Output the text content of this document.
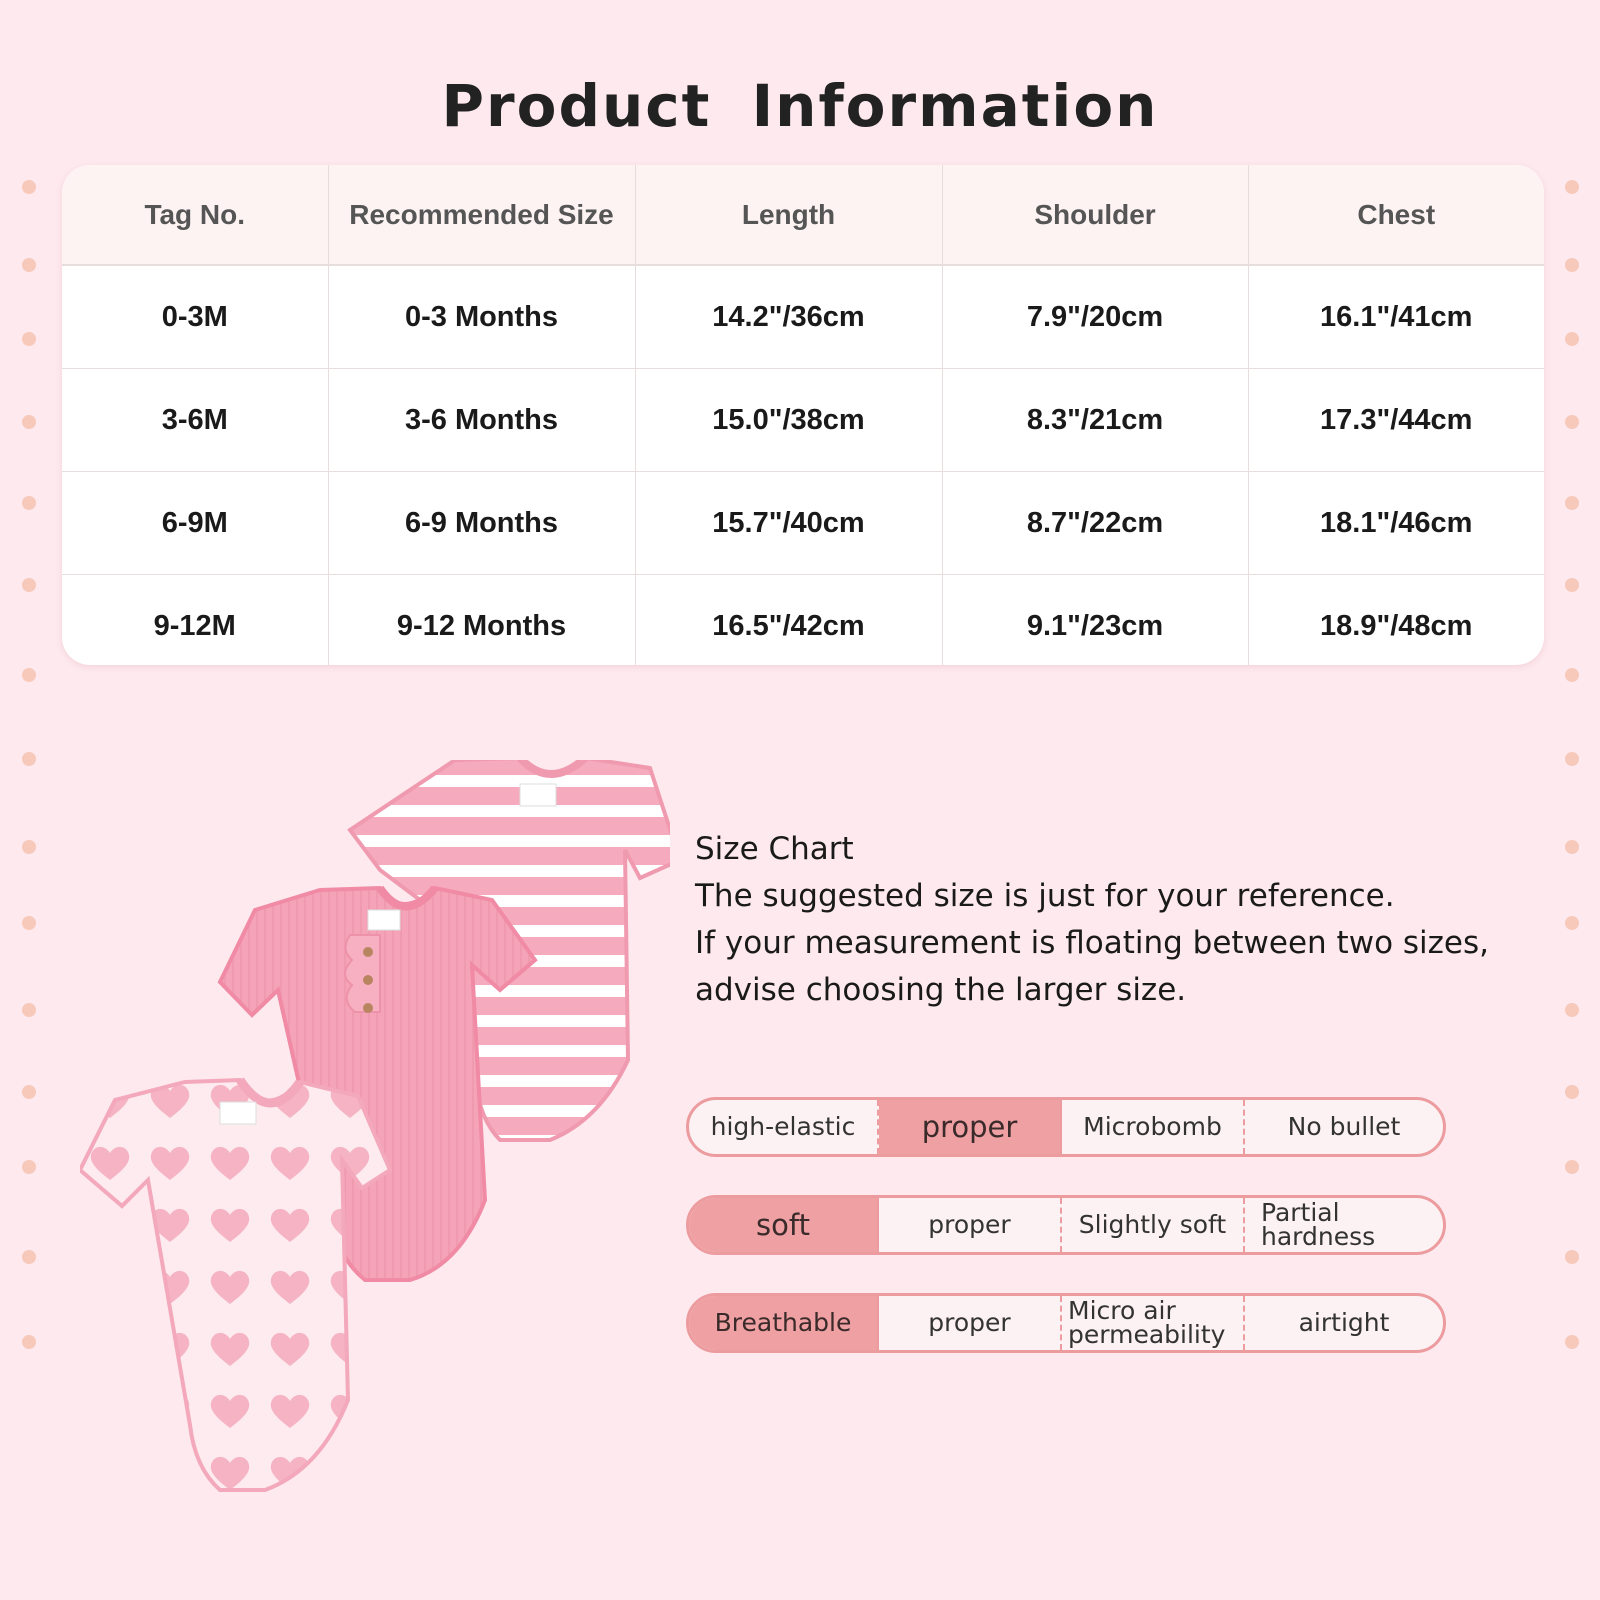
Product Information
Tag No.	Recommended Size	Length	Shoulder	Chest
0-3M	0-3 Months	14.2"/36cm	7.9"/20cm	16.1"/41cm
3-6M	3-6 Months	15.0"/38cm	8.3"/21cm	17.3"/44cm
6-9M	6-9 Months	15.7"/40cm	8.7"/22cm	18.1"/46cm
9-12M	9-12 Months	16.5"/42cm	9.1"/23cm	18.9"/48cm
Size Chart
The suggested size is just for your reference.
If your measurement is floating between two sizes,
advise choosing the larger size.
high-elastic	proper	Microbomb	No bullet
soft	proper	Slightly soft	Partial hardness
Breathable	proper	Micro air permeability	airtight
